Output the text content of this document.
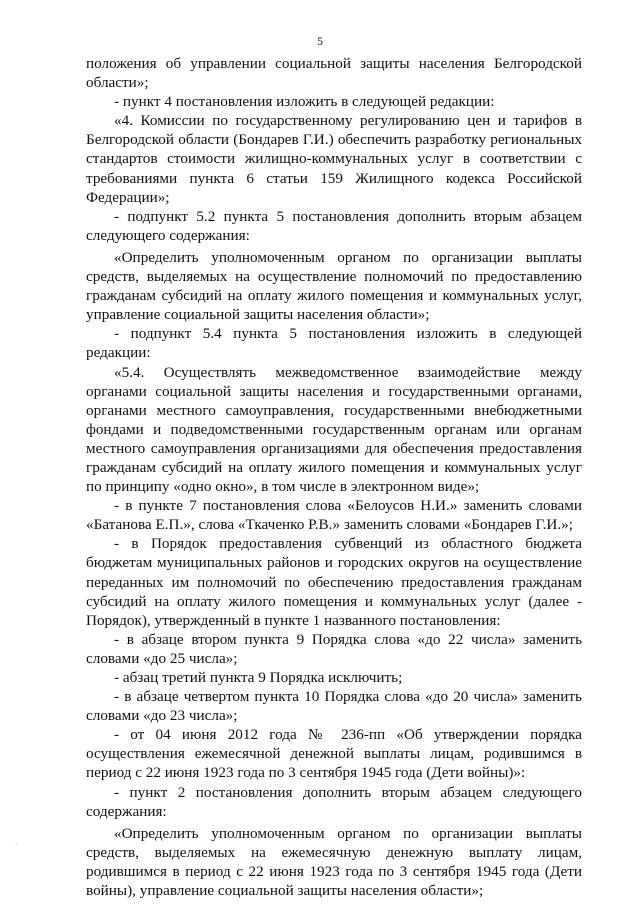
5

положения об управлении социальной защиты населения Белгородской области»;

- пункт 4 постановления изложить в следующей редакции:

«4. Комиссии по государственному регулированию цен и тарифов в Белгородской области (Бондарев Г.И.) обеспечить разработку региональных стандартов стоимости жилищно-коммунальных услуг в соответствии с требованиями пункта 6 статьи 159 Жилищного кодекса Российской Федерации»;

- подпункт 5.2 пункта 5 постановления дополнить вторым абзацем следующего содержания:

«Определить уполномоченным органом по организации выплаты средств, выделяемых на осуществление полномочий по предоставлению гражданам субсидий на оплату жилого помещения и коммунальных услуг, управление социальной защиты населения области»;

- подпункт 5.4 пункта 5 постановления изложить в следующей редакции:

«5.4. Осуществлять межведомственное взаимодействие между органами социальной защиты населения и государственными органами, органами местного самоуправления, государственными внебюджетными фондами и подведомственными государственным органам или органам местного самоуправления организациями для обеспечения предоставления гражданам субсидий на оплату жилого помещения и коммунальных услуг по принципу «одно окно», в том числе в электронном виде»;

- в пункте 7 постановления слова «Белоусов Н.И.» заменить словами «Батанова Е.П.», слова «Ткаченко Р.В.» заменить словами «Бондарев Г.И.»;

- в Порядок предоставления субвенций из областного бюджета бюджетам муниципальных районов и городских округов на осуществление переданных им полномочий по обеспечению предоставления гражданам субсидий на оплату жилого помещения и коммунальных услуг (далее - Порядок), утвержденный в пункте 1 названного постановления:

- в абзаце втором пункта 9 Порядка слова «до 22 числа» заменить словами «до 25 числа»;

- абзац третий пункта 9 Порядка исключить;

- в абзаце четвертом пункта 10 Порядка слова «до 20 числа» заменить словами «до 23 числа»;

- от 04 июня 2012 года № 236-пп «Об утверждении порядка осуществления ежемесячной денежной выплаты лицам, родившимся в период с 22 июня 1923 года по 3 сентября 1945 года (Дети войны)»:

- пункт 2 постановления дополнить вторым абзацем следующего содержания:

«Определить уполномоченным органом по организации выплаты средств, выделяемых на ежемесячную денежную выплату лицам, родившимся в период с 22 июня 1923 года по 3 сентября 1945 года (Дети войны), управление социальной защиты населения области»;

· ·
